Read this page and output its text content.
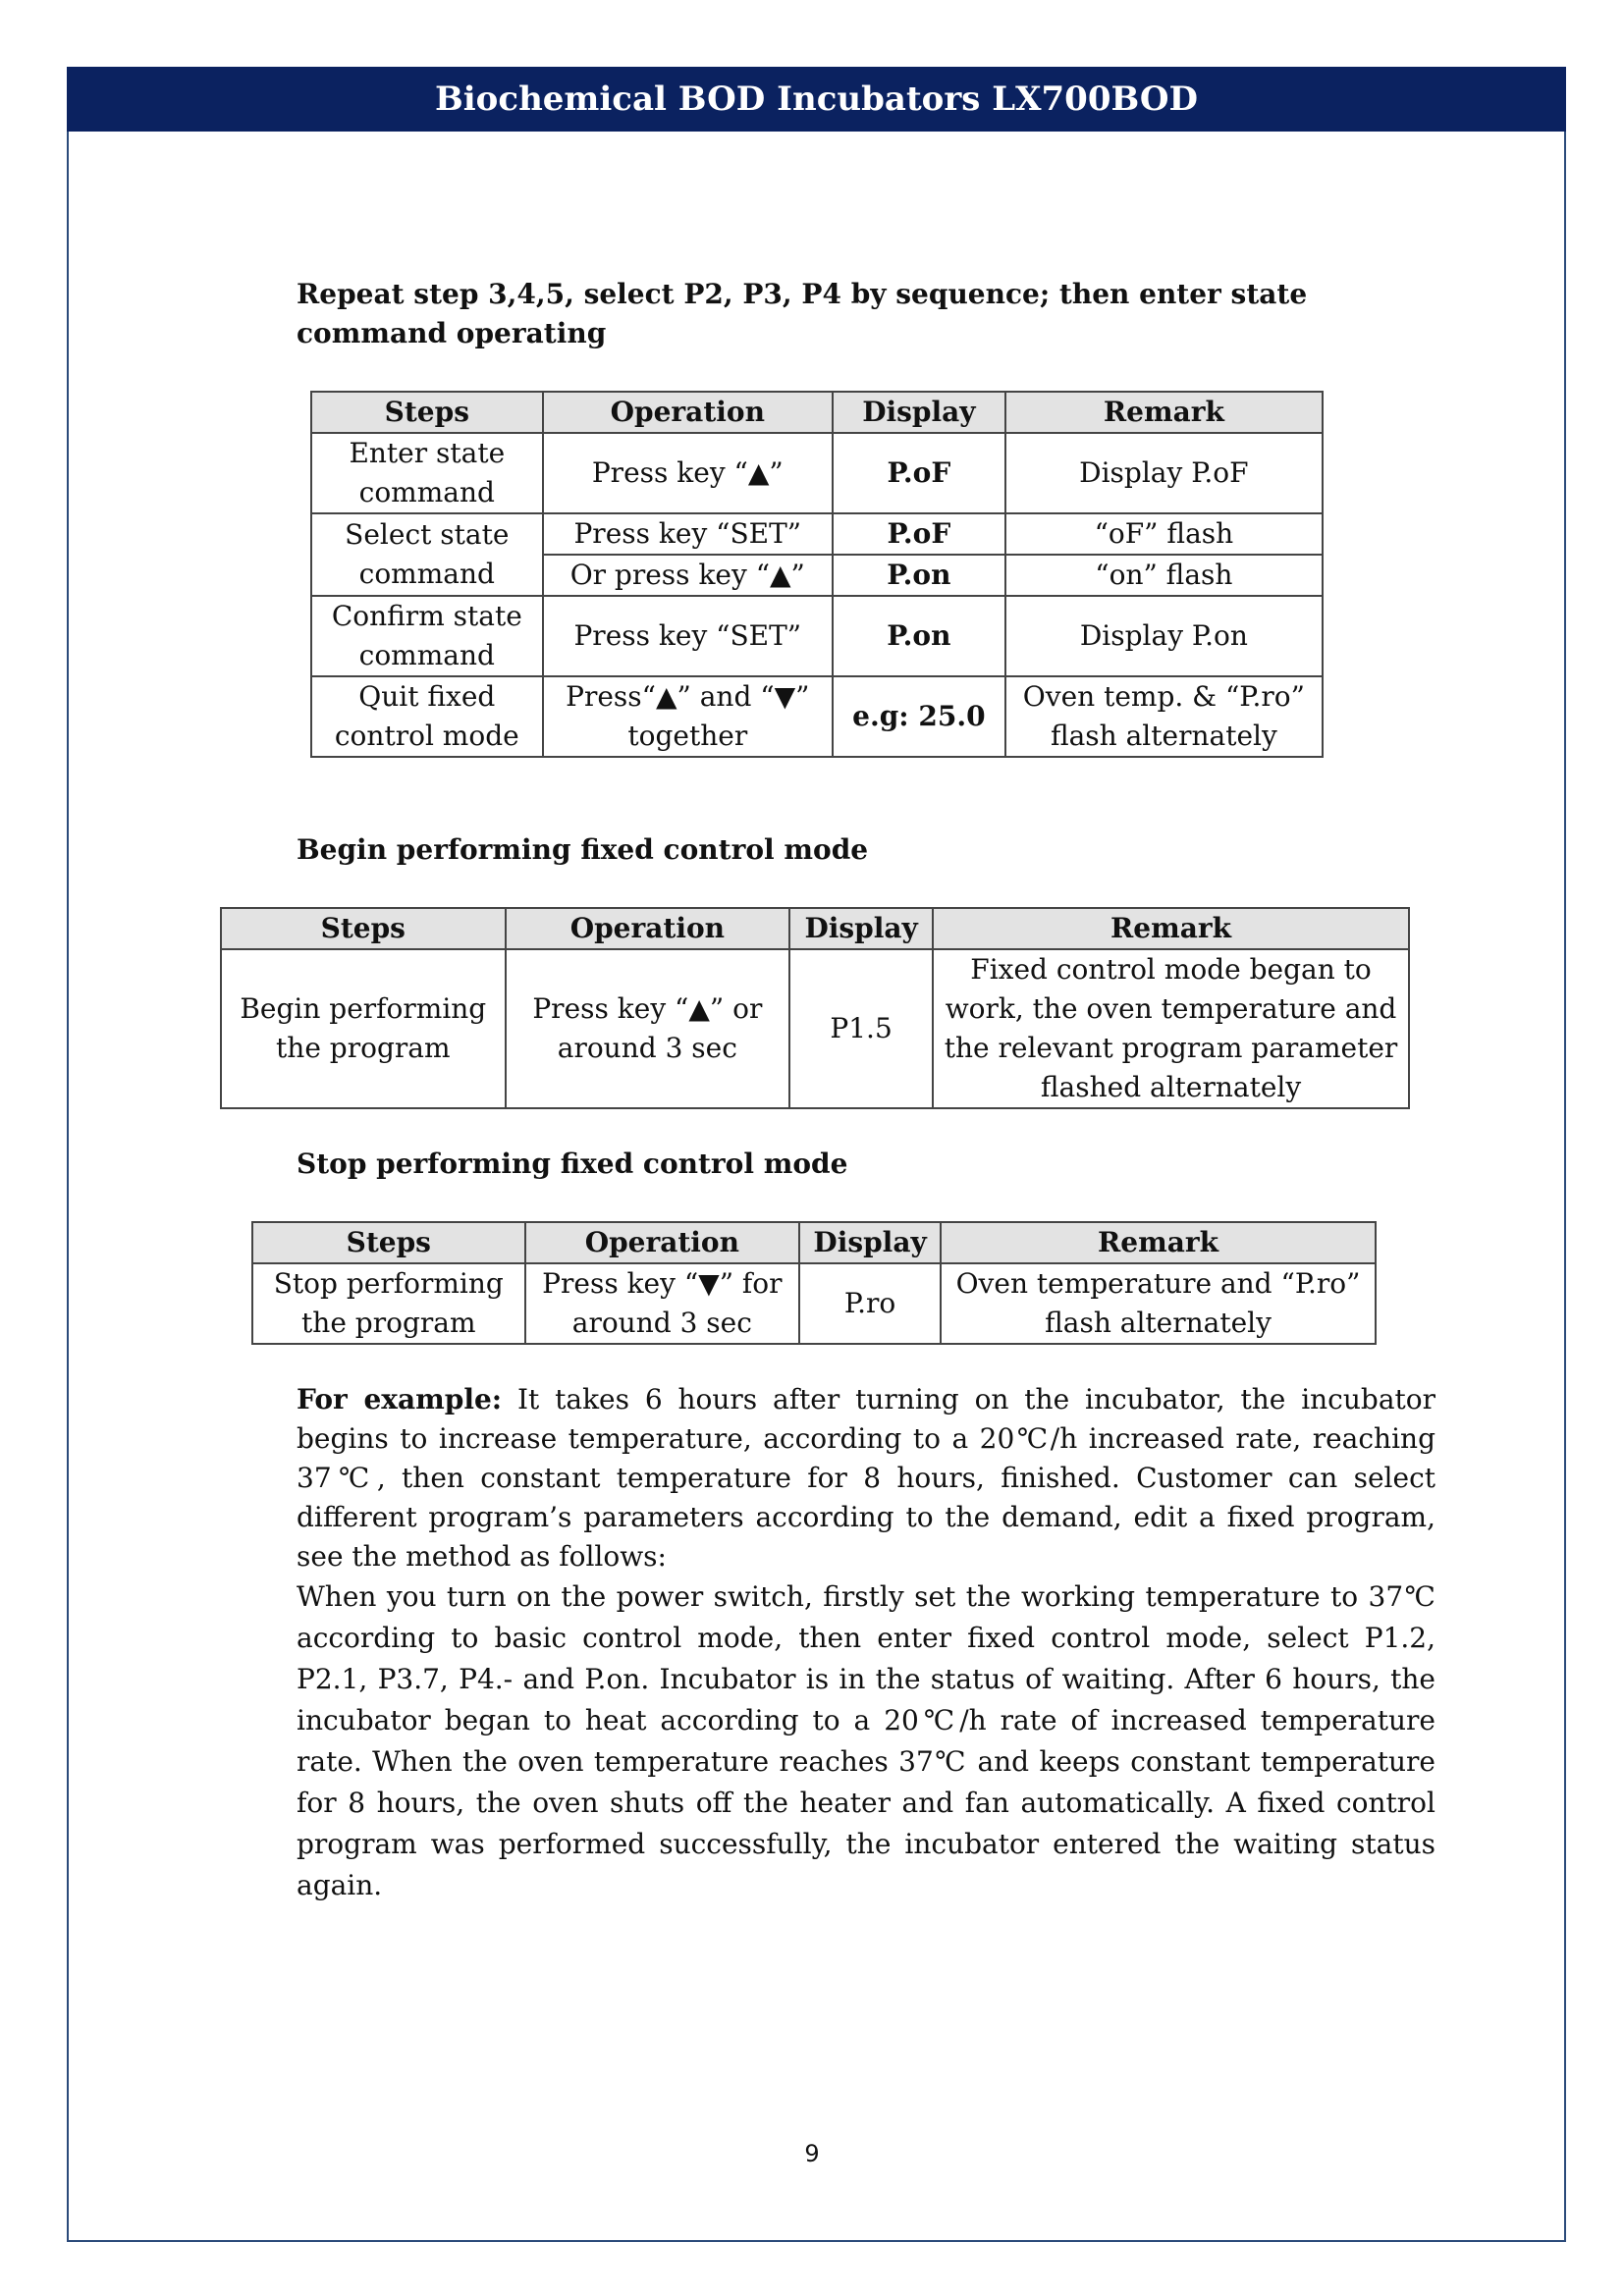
Biochemical BOD Incubators LX700BOD

Repeat step 3,4,5, select P2, P3, P4 by sequence; then enter state command operating

Steps	Operation	Display	Remark
Enter state command	Press key “▲”	P.oF	Display P.oF
Select state command	Press key “SET”	P.oF	“oF” flash
	Or press key “▲”	P.on	“on” flash
Confirm state command	Press key “SET”	P.on	Display P.on
Quit fixed control mode	Press“▲” and “▼” together	e.g: 25.0	Oven temp. & “P.ro” flash alternately

Begin performing fixed control mode

Steps	Operation	Display	Remark
Begin performing the program	Press key “▲” or around 3 sec	P1.5	Fixed control mode began to work, the oven temperature and the relevant program parameter flashed alternately

Stop performing fixed control mode

Steps	Operation	Display	Remark
Stop performing the program	Press key “▼” for around 3 sec	P.ro	Oven temperature and “P.ro” flash alternately

For example: It takes 6 hours after turning on the incubator, the incubator begins to increase temperature, according to a 20℃/h increased rate, reaching 37℃, then constant temperature for 8 hours, finished. Customer can select different program’s parameters according to the demand, edit a fixed program, see the method as follows:

When you turn on the power switch, firstly set the working temperature to 37℃ according to basic control mode, then enter fixed control mode, select P1.2, P2.1, P3.7, P4.- and P.on. Incubator is in the status of waiting. After 6 hours, the incubator began to heat according to a 20℃/h rate of increased temperature rate. When the oven temperature reaches 37℃ and keeps constant temperature for 8 hours, the oven shuts off the heater and fan automatically. A fixed control program was performed successfully, the incubator entered the waiting status again.

9
